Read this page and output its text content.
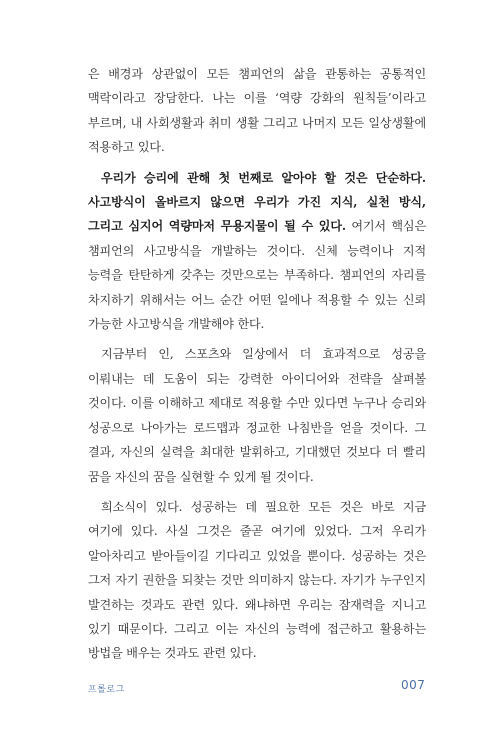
은 배경과 상관없이 모든 챔피언의 삶을 관통하는 공통적인 맥락이라고 장담한다. 나는 이를 ‘역량 강화의 원칙들’이라고 부르며, 내 사회생활과 취미 생활 그리고 나머지 모든 일상생활에 적용하고 있다.

우리가 승리에 관해 첫 번째로 알아야 할 것은 단순하다. 사고방식이 올바르지 않으면 우리가 가진 지식, 실천 방식, 그리고 심지어 역량마저 무용지물이 될 수 있다. 여기서 핵심은 챔피언의 사고방식을 개발하는 것이다. 신체 능력이나 지적 능력을 탄탄하게 갖추는 것만으로는 부족하다. 챔피언의 자리를 차지하기 위해서는 어느 순간 어떤 일에나 적용할 수 있는 신뢰 가능한 사고방식을 개발해야 한다.

지금부터 인, 스포츠와 일상에서 더 효과적으로 성공을 이뤄내는 데 도움이 되는 강력한 아이디어와 전략을 살펴볼 것이다. 이를 이해하고 제대로 적용할 수만 있다면 누구나 승리와 성공으로 나아가는 로드맵과 정교한 나침반을 얻을 것이다. 그 결과, 자신의 실력을 최대한 발휘하고, 기대했던 것보다 더 빨리 꿈을 자신의 꿈을 실현할 수 있게 될 것이다.

희소식이 있다. 성공하는 데 필요한 모든 것은 바로 지금 여기에 있다. 사실 그것은 줄곧 여기에 있었다. 그저 우리가 알아차리고 받아들이길 기다리고 있었을 뿐이다. 성공하는 것은 그저 자기 권한을 되찾는 것만 의미하지 않는다. 자기가 누구인지 발견하는 것과도 관련 있다. 왜냐하면 우리는 잠재력을 지니고 있기 때문이다. 그리고 이는 자신의 능력에 접근하고 활용하는 방법을 배우는 것과도 관련 있다.

프롤로그	007
